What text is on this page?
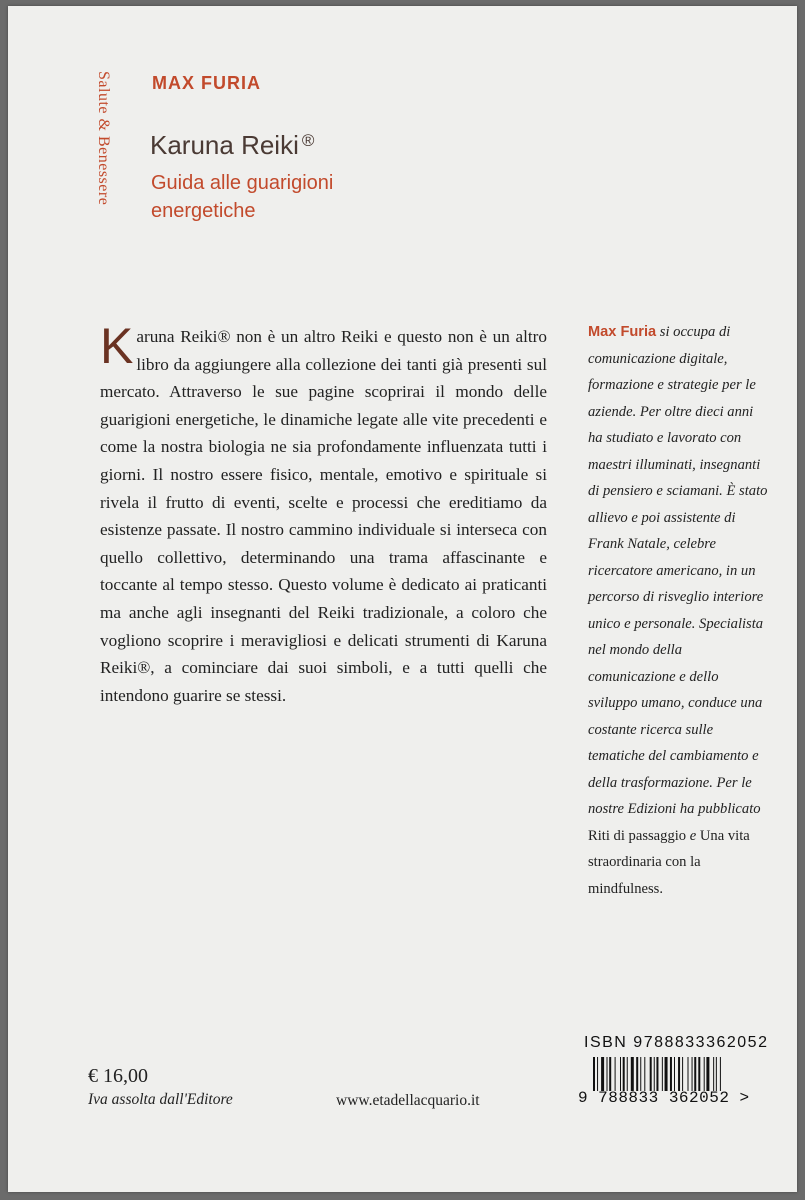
Salute & Benessere MAX FURIA
Karuna Reiki ®
Guida alle guarigioni energetiche
Karuna Reiki® non è un altro Reiki e questo non è un altro libro da aggiungere alla collezione dei tanti già presenti sul mercato. Attraverso le sue pagine scoprirai il mondo delle guarigioni energetiche, le dinamiche legate alle vite precedenti e come la nostra biologia ne sia profondamente influenzata tutti i giorni. Il nostro essere fisico, mentale, emotivo e spirituale si rivela il frutto di eventi, scelte e processi che ereditiamo da esistenze passate. Il nostro cammino individuale si interseca con quello collettivo, determinando una trama affascinante e toccante al tempo stesso. Questo volume è dedicato ai praticanti ma anche agli insegnanti del Reiki tradizionale, a coloro che vogliono scoprire i meravigliosi e delicati strumenti di Karuna Reiki®, a cominciare dai suoi simboli, e a tutti quelli che intendono guarire se stessi.
Max Furia si occupa di comunicazione digitale, formazione e strategie per le aziende. Per oltre dieci anni ha studiato e lavorato con maestri illuminati, insegnanti di pensiero e sciamani. È stato allievo e poi assistente di Frank Natale, celebre ricercatore americano, in un percorso di risveglio interiore unico e personale. Specialista nel mondo della comunicazione e dello sviluppo umano, conduce una costante ricerca sulle tematiche del cambiamento e della trasformazione. Per le nostre Edizioni ha pubblicato Riti di passaggio e Una vita straordinaria con la mindfulness.
€ 16,00
Iva assolta dall'Editore	www.etadellacquario.it
ISBN 9788833362052
9 788833 362052 >
